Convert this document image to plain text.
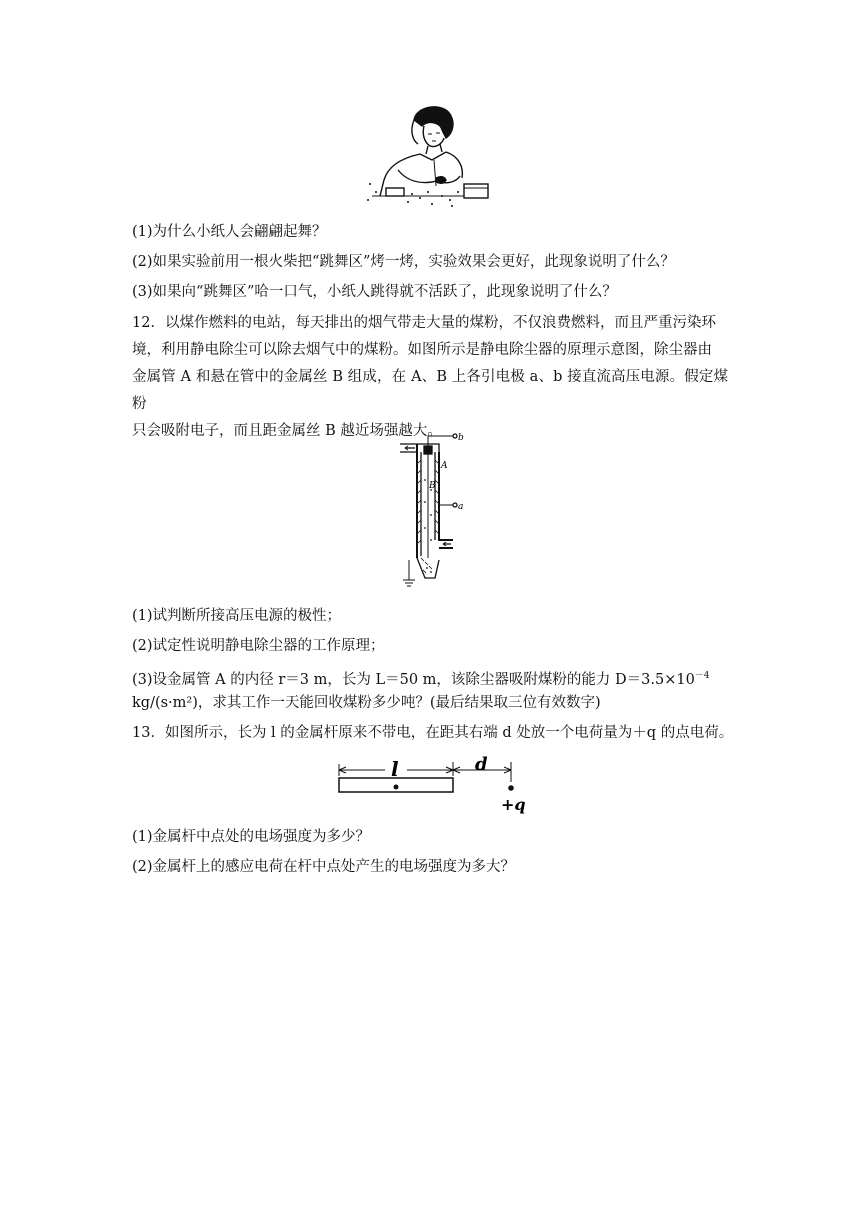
(1)为什么小纸人会翩翩起舞？
(2)如果实验前用一根火柴把“跳舞区”烤一烤，实验效果会更好，此现象说明了什么？
(3)如果向“跳舞区”哈一口气，小纸人跳得就不活跃了，此现象说明了什么？
12．以煤作燃料的电站，每天排出的烟气带走大量的煤粉，不仅浪费燃料，而且严重污染环
境，利用静电除尘可以除去烟气中的煤粉。如图所示是静电除尘器的原理示意图，除尘器由
金属管 A 和悬在管中的金属丝 B 组成，在 A、B 上各引电极 a、b 接直流高压电源。假定煤粉
只会吸附电子，而且距金属丝 B 越近场强越大。	b
A
B
a
(1)试判断所接高压电源的极性；
(2)试定性说明静电除尘器的工作原理；
(3)设金属管 A 的内径 r＝3 m，长为 L＝50 m，该除尘器吸附煤粉的能力 $D=3.5\times 10^{-4}$
kg/(s·m²)，求其工作一天能回收煤粉多少吨？(最后结果取三位有效数字)
13．如图所示，长为 l 的金属杆原来不带电，在距其右端 d 处放一个电荷量为＋q 的点电荷。
l	d
+q
(1)金属杆中点处的电场强度为多少？
(2)金属杆上的感应电荷在杆中点处产生的电场强度为多大？
